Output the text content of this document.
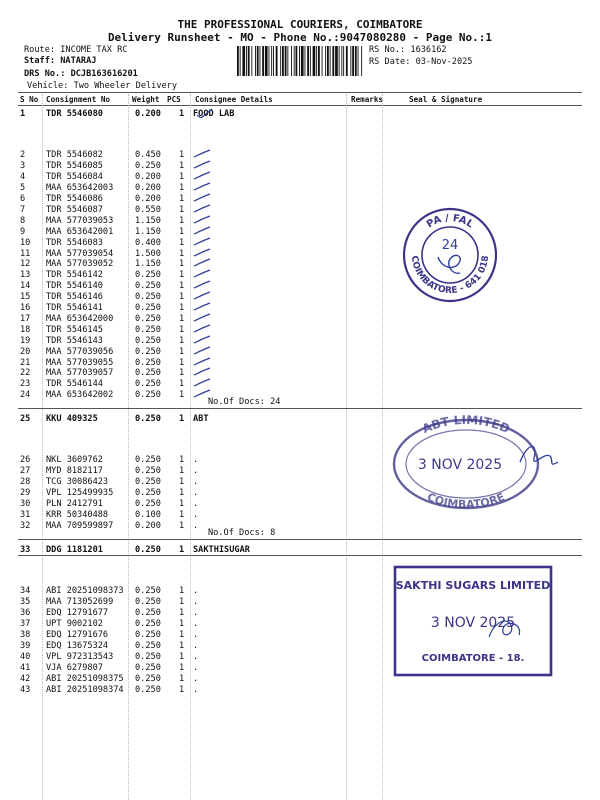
THE PROFESSIONAL COURIERS, COIMBATORE
Delivery Runsheet - MO - Phone No.:9047080280 - Page No.:1
Route: INCOME TAX RC
Staff: NATARAJ
DRS No.: DCJB163616201
Vehicle: Two Wheeler Delivery
RS No.: 1636162
RS Date: 03-Nov-2025
S No Consignment No	Weight PCS Consignee Details	Remarks	Seal & Signature
1 TDR 5546080	0.200 1 FOOD LAB
2 TDR 5546082	0.450 1
3 TDR 5546085	0.250 1
4 TDR 5546084	0.200 1
5 MAA 653642003	0.200 1
6 TDR 5546086	0.200 1
7 TDR 5546087	0.550 1
8 MAA 577039053	1.150 1
9 MAA 653642001	1.150 1
10 TDR 5546083	0.400 1
11 MAA 577039054	1.500 1
12 MAA 577039052	1.150 1
13 TDR 5546142	0.250 1
14 TDR 5546140	0.250 1
15 TDR 5546146	0.250 1
16 TDR 5546141	0.250 1
17 MAA 653642000	0.250 1
18 TDR 5546145	0.250 1
19 TDR 5546143	0.250 1
20 MAA 577039056	0.250 1
21 MAA 577039055	0.250 1
22 MAA 577039057	0.250 1
23 TDR 5546144	0.250 1
24 MAA 653642002	0.250 1
No.Of Docs: 24
25 KKU 409325	0.250 1 ABT
26 NKL 3609762	0.250 1 .
27 MYD 8182117	0.250 1 .
28 TCG 30086423	0.250 1 .
29 VPL 125499935	0.250 1 .
30 PLN 2412791	0.250 1 .
31 KRR 50340488	0.100 1 .
32 MAA 709599897	0.200 1 .
No.Of Docs: 8
33 DDG 1181201	0.250 1 SAKTHISUGAR
34 ABI 20251098373 0.250 1 .
35 MAA 713052699	0.250 1 .
36 EDQ 12791677	0.250 1 .
37 UPT 9002102	0.250 1 .
38 EDQ 12791676	0.250 1 .
39 EDQ 13675324	0.250 1 .
40 VPL 972313543	0.250 1 .
41 VJA 6279807	0.250 1 .
42 ABI 20251098375 0.250 1 .
43 ABI 20251098374 0.250 1 .
PA / FAL
COIMBATORE - 641 018
24
ABT LIMITED
COIMBATORE
3 NOV 2025
SAKTHI SUGARS LIMITED
3 NOV 2025
COIMBATORE - 18.
